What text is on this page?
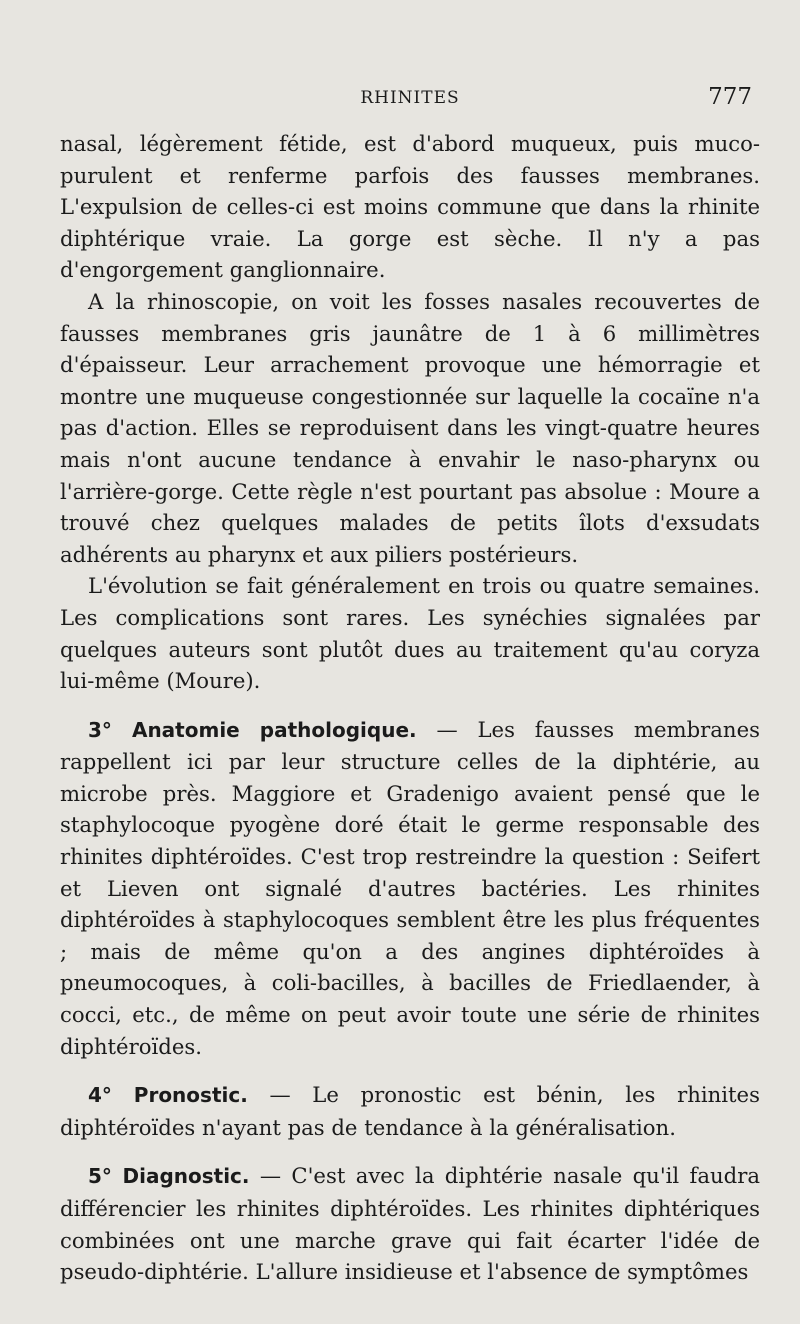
RHINITES	777

nasal, légèrement fétide, est d'abord muqueux, puis muco-purulent et renferme parfois des fausses membranes. L'expulsion de celles-ci est moins commune que dans la rhinite diphtérique vraie. La gorge est sèche. Il n'y a pas d'engorgement ganglionnaire.

A la rhinoscopie, on voit les fosses nasales recouvertes de fausses membranes gris jaunâtre de 1 à 6 millimètres d'épaisseur. Leur arrachement provoque une hémorragie et montre une muqueuse congestionnée sur laquelle la cocaïne n'a pas d'action. Elles se reproduisent dans les vingt-quatre heures mais n'ont aucune tendance à envahir le naso-pharynx ou l'arrière-gorge. Cette règle n'est pourtant pas absolue : Moure a trouvé chez quelques malades de petits îlots d'exsudats adhérents au pharynx et aux piliers postérieurs.

L'évolution se fait généralement en trois ou quatre semaines. Les complications sont rares. Les synéchies signalées par quelques auteurs sont plutôt dues au traitement qu'au coryza lui-même (Moure).

3° Anatomie pathologique. — Les fausses membranes rappellent ici par leur structure celles de la diphtérie, au microbe près. Maggiore et Gradenigo avaient pensé que le staphylocoque pyogène doré était le germe responsable des rhinites diphtéroïdes. C'est trop restreindre la question : Seifert et Lieven ont signalé d'autres bactéries. Les rhinites diphtéroïdes à staphylocoques semblent être les plus fréquentes ; mais de même qu'on a des angines diphtéroïdes à pneumocoques, à coli-bacilles, à bacilles de Friedlaender, à cocci, etc., de même on peut avoir toute une série de rhinites diphtéroïdes.

4° Pronostic. — Le pronostic est bénin, les rhinites diphtéroïdes n'ayant pas de tendance à la généralisation.

5° Diagnostic. — C'est avec la diphtérie nasale qu'il faudra différencier les rhinites diphtéroïdes. Les rhinites diphtériques combinées ont une marche grave qui fait écarter l'idée de pseudo-diphtérie. L'allure insidieuse et l'absence de symptômes
